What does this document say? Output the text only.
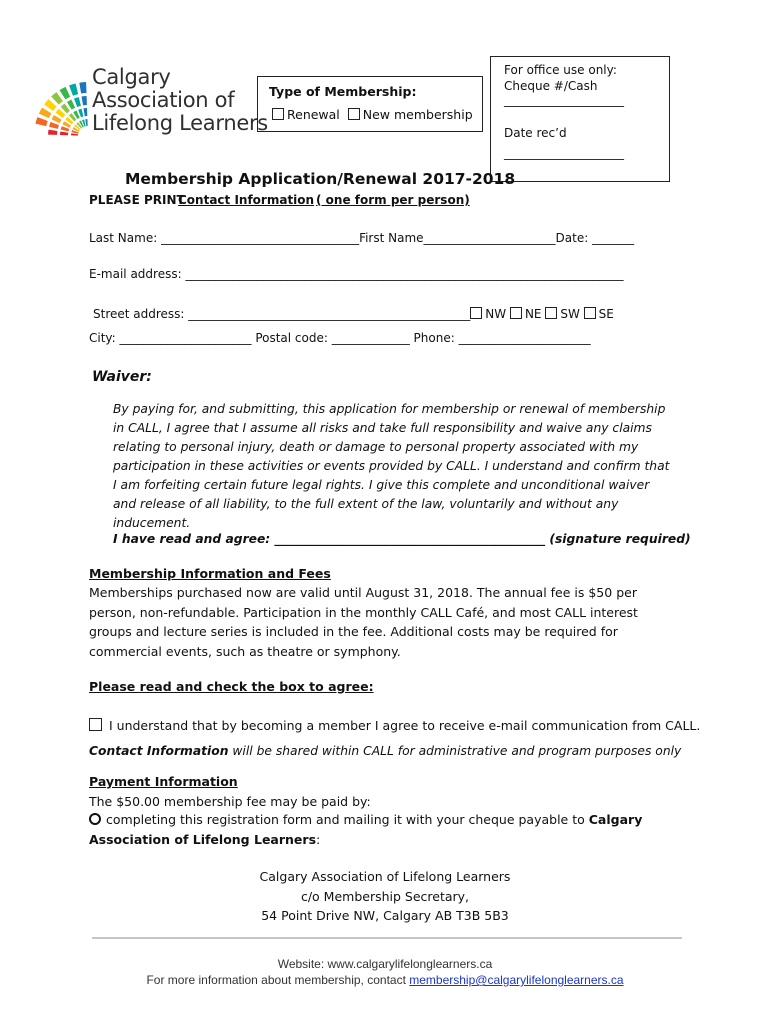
Calgary
Association of
Lifelong Learners
Type of Membership:
Renewal New membership
For office use only:
Cheque #/Cash
____________________
Date rec’d
____________________
Membership Application/Renewal 2017-2018
PLEASE PRINT
Contact Information ( one form per person)
Last Name: _________________________________First Name______________________Date: _______
E-mail address: _________________________________________________________________________
Street address: _______________________________________________ NW NE SW SE
City: ______________________ Postal code: _____________ Phone: ______________________
Waiver:
By paying for, and submitting, this application for membership or renewal of membership in CALL, I agree that I assume all risks and take full responsibility and waive any claims relating to personal injury, death or damage to personal property associated with my participation in these activities or events provided by CALL. I understand and confirm that I am forfeiting certain future legal rights. I give this complete and unconditional waiver and release of all liability, to the full extent of the law, voluntarily and without any inducement.
I have read and agree: ____________________________________________ (signature required)
Membership Information and Fees
Memberships purchased now are valid until August 31, 2018. The annual fee is $50 per person, non-refundable. Participation in the monthly CALL Café, and most CALL interest groups and lecture series is included in the fee. Additional costs may be required for commercial events, such as theatre or symphony.
Please read and check the box to agree:
I understand that by becoming a member I agree to receive e-mail communication from CALL.
Contact Information will be shared within CALL for administrative and program purposes only
Payment Information
The $50.00 membership fee may be paid by:
completing this registration form and mailing it with your cheque payable to Calgary Association of Lifelong Learners:
Calgary Association of Lifelong Learners
c/o Membership Secretary,
54 Point Drive NW, Calgary AB T3B 5B3
Website: www.calgarylifelonglearners.ca
For more information about membership, contact membership@calgarylifelonglearners.ca
